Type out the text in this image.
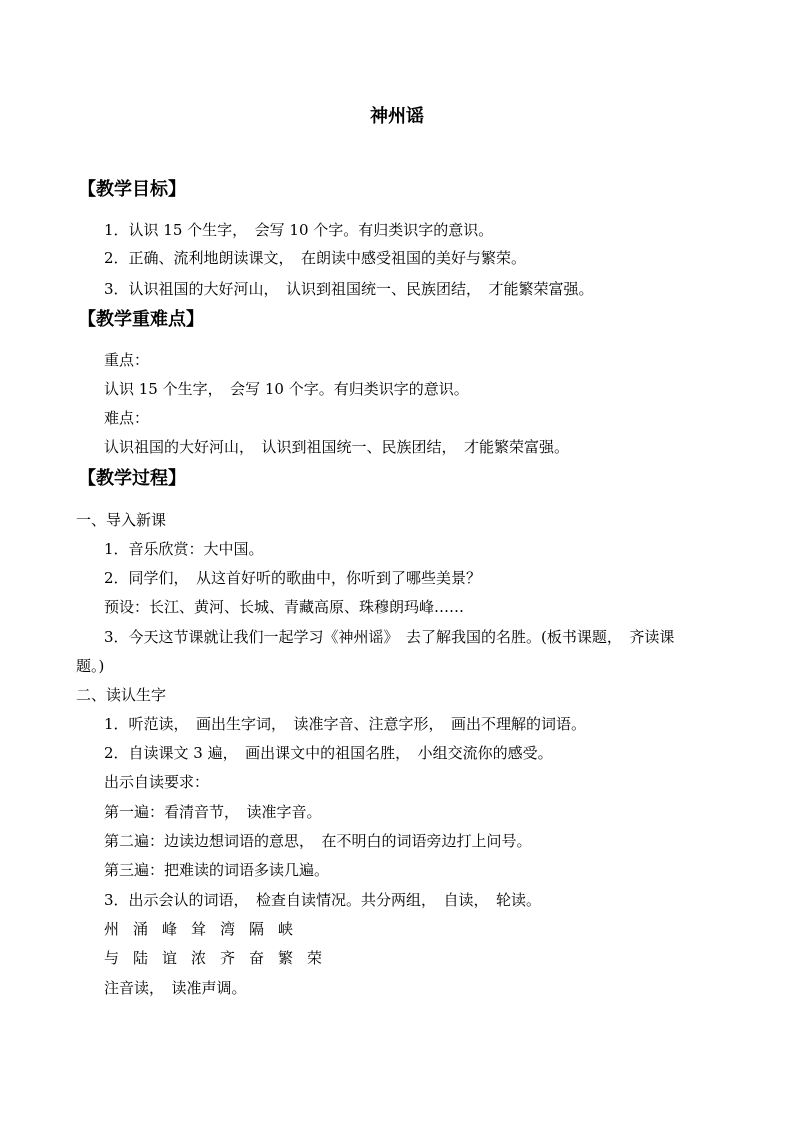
神州谣
【教学目标】
1．认识 15 个生字，　会写 10 个字。有归类识字的意识。
2．正确、流利地朗读课文，　在朗读中感受祖国的美好与繁荣。
3．认识祖国的大好河山，　认识到祖国统一、民族团结，　才能繁荣富强。
【教学重难点】
重点：
认识 15 个生字，　会写 10 个字。有归类识字的意识。
难点：
认识祖国的大好河山，　认识到祖国统一、民族团结，　才能繁荣富强。
【教学过程】
一、导入新课
1．音乐欣赏：大中国。
2．同学们，　从这首好听的歌曲中，你听到了哪些美景？
预设：长江、黄河、长城、青藏高原、珠穆朗玛峰……
3．今天这节课就让我们一起学习《神州谣》　去了解我国的名胜。(板书课题，　齐读课
题。)
二、读认生字
1．听范读，　画出生字词，　读准字音、注意字形，　画出不理解的词语。
2．自读课文 3 遍，　画出课文中的祖国名胜，　小组交流你的感受。
出示自读要求：
第一遍：看清音节，　读准字音。
第二遍：边读边想词语的意思，　在不明白的词语旁边打上问号。
第三遍：把难读的词语多读几遍。
3．出示会认的词语，　检查自读情况。共分两组，　自读，　轮读。
州 涌 峰 耸 湾 隔 峡
与 陆 谊 浓 齐 奋 繁 荣
注音读，　读准声调。
